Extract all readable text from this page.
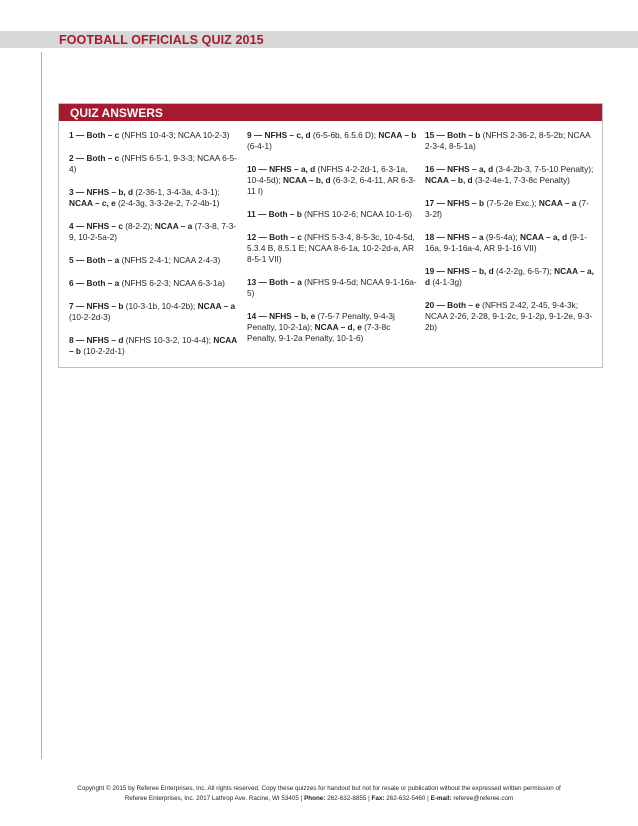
FOOTBALL OFFICIALS QUIZ 2015
QUIZ ANSWERS
1 — Both – c (NFHS 10-4-3; NCAA 10-2-3)
2 — Both – c (NFHS 6-5-1, 9-3-3; NCAA 6-5-4)
3 — NFHS – b, d (2-36-1, 3-4-3a, 4-3-1); NCAA – c, e (2-4-3g, 3-3-2e-2, 7-2-4b-1)
4 — NFHS – c (8-2-2); NCAA – a (7-3-8, 7-3-9, 10-2-5a-2)
5 — Both – a (NFHS 2-4-1; NCAA 2-4-3)
6 — Both – a (NFHS 6-2-3; NCAA 6-3-1a)
7 — NFHS – b (10-3-1b, 10-4-2b); NCAA – a (10-2-2d-3)
8 — NFHS – d (NFHS 10-3-2, 10-4-4); NCAA – b (10-2-2d-1)
9 — NFHS – c, d (6-5-6b, 6.5.6 D); NCAA – b (6-4-1)
10 — NFHS – a, d (NFHS 4-2-2d-1, 6-3-1a, 10-4-5d); NCAA – b, d (6-3-2, 6-4-11, AR 6-3-11 I)
11 — Both – b (NFHS 10-2-6; NCAA 10-1-6)
12 — Both – c (NFHS 5-3-4, 8-5-3c, 10-4-5d, 5.3.4 B, 8.5.1 E; NCAA 8-6-1a, 10-2-2d-a, AR 8-5-1 VII)
13 — Both – a (NFHS 9-4-5d; NCAA 9-1-16a-5)
14 — NFHS – b, e (7-5-7 Penalty, 9-4-3j Penalty, 10-2-1a); NCAA – d, e (7-3-8c Penalty, 9-1-2a Penalty, 10-1-6)
15 — Both – b (NFHS 2-36-2, 8-5-2b; NCAA 2-3-4, 8-5-1a)
16 — NFHS – a, d (3-4-2b-3, 7-5-10 Penalty); NCAA – b, d (3-2-4e-1, 7-3-8c Penalty)
17 — NFHS – b (7-5-2e Exc.); NCAA – a (7-3-2f)
18 — NFHS – a (9-5-4a); NCAA – a, d (9-1-16a, 9-1-16a-4, AR 9-1-16 VII)
19 — NFHS – b, d (4-2-2g, 6-5-7); NCAA – a, d (4-1-3g)
20 — Both – e (NFHS 2-42, 2-45, 9-4-3k; NCAA 2-26, 2-28, 9-1-2c, 9-1-2p, 9-1-2e, 9-3-2b)
Copyright © 2015 by Referee Enterprises, Inc. All rights reserved. Copy these quizzes for handout but not for resale or publication without the expressed written permission of
Referee Enterprises, Inc. 2017 Lathrop Ave. Racine, WI 53405 | Phone: 262-632-8855 | Fax: 262-632-5460 | E-mail: referee@referee.com
